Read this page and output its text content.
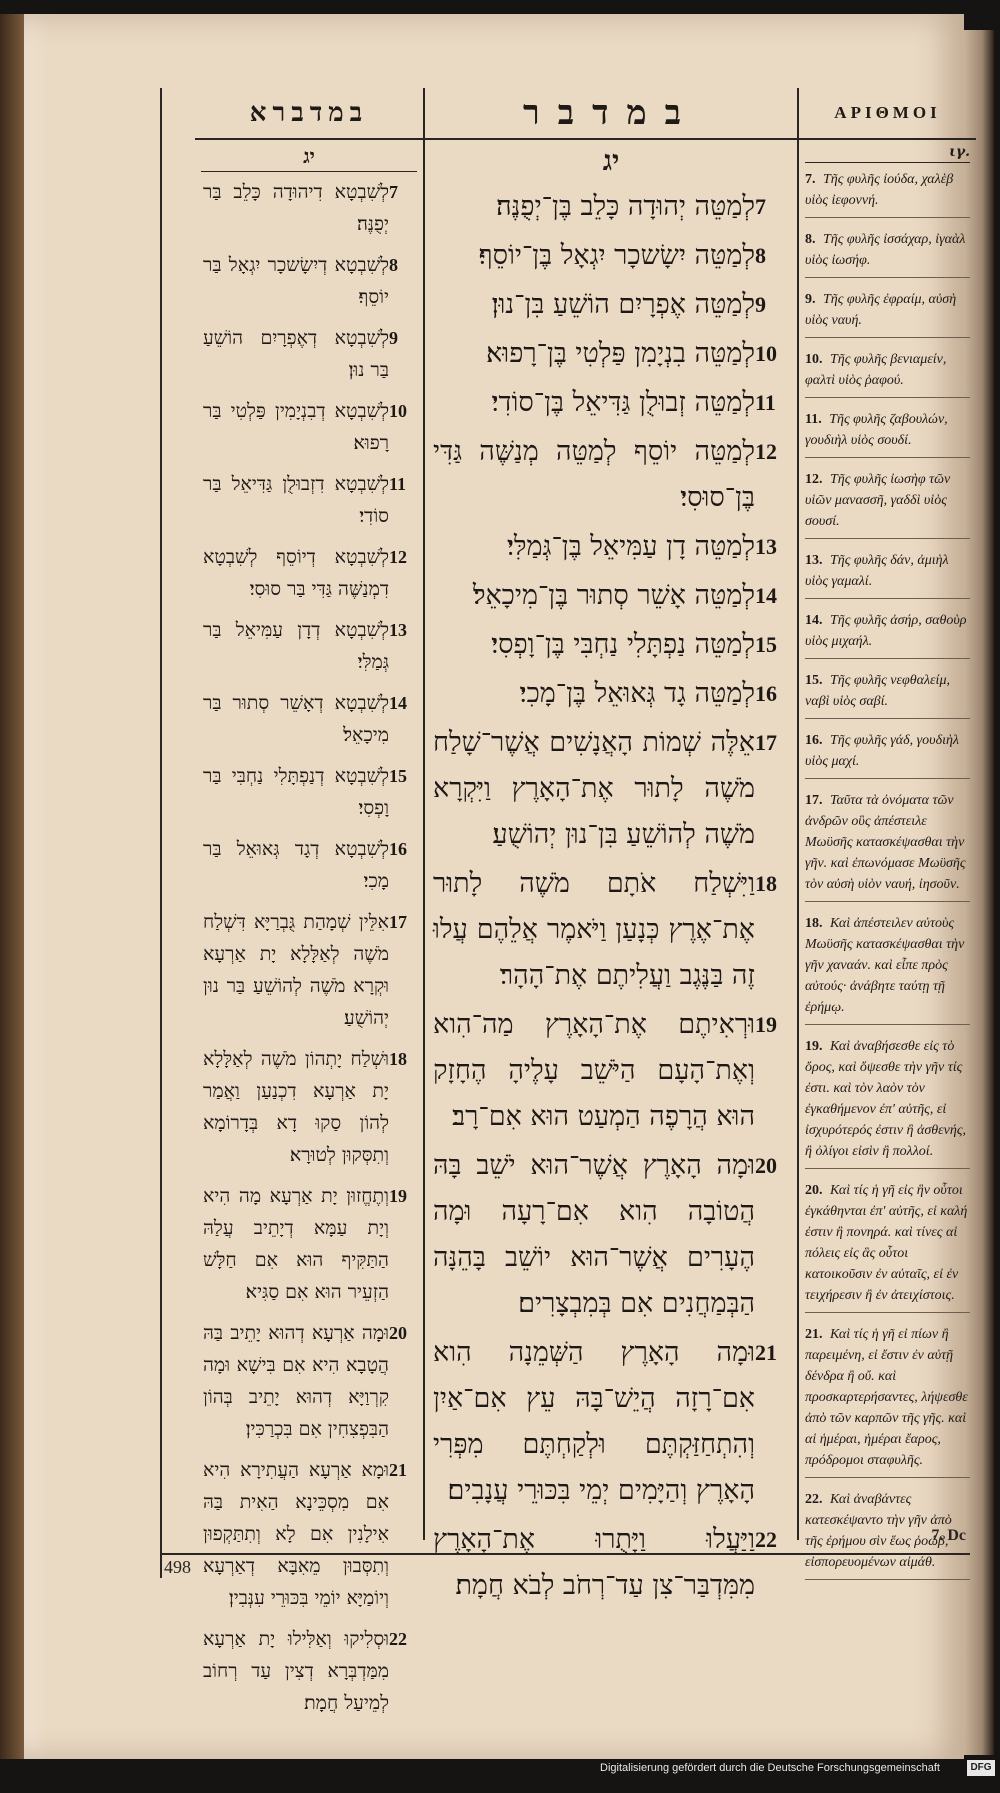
במדברא
יג
7
לְשִׁבְטָא דִיהוּדָה כָּלֵב בַּר יְפֻנֶּה׃
8
לְשִׁבְטָא דְיִשָׂשכָר יִגְאָל בַּר יוֹסֵף׃
9
לְשִׁבְטָא דְאֶפְרָיִם הוֹשֵׁעַ בַּר נוּן׃
10
לְשִׁבְטָא דְבִנְיָמִין פַּלְטִי בַּר רָפוּא׃
11
לְשִׁבְטָא דִזְבוּלֻן גַּדִּיאֵל בַּר סוֹדִי׃
12
לְשִׁבְטָא דְיוֹסֵף לְשִׁבְטָא דִמְנַשֶּׁה גַּדִּי בַּר סוּסִי׃
13
לְשִׁבְטָא דְדָן עַמִּיאֵל בַּר גְּמַלִּי׃
14
לְשִׁבְטָא דְאָשֵׁר סְתוּר בַּר מִיכָאֵל׃
15
לְשִׁבְטָא דְנַפְתָּלִי נַחְבִּי בַּר וָפְסִי׃
16
לְשִׁבְטָא דְגָד גְּאוּאֵל בַּר מָכִי׃
17
אִלֵּין שְׁמָהַת גֻּבְרַיָּא דִּשְׁלַח מֹשֶׁה לְאַלָּלָא יָת אַרְעָא וּקְרָא מֹשֶׁה לְהוֹשֵׁעַ בַּר נוּן יְהוֹשֻׁעַ׃
18
וּשְׁלַח יָתְהוֹן מֹשֶׁה לְאַלָּלָא יָת אַרְעָא דִכְנַעַן וַאֲמַר לְהוֹן סַקוּ דָא בְּדָרוֹמָא וְתִסְּקוּן לְטוּרָא׃
19
וְתֶחֱזוּן יָת אַרְעָא מָה הִיא וְיָת עַמָּא דְיָתֵיב עֲלַהּ הַתַּקִּיף הוּא אִם חַלָּשׁ הַזְעֵיר הוּא אִם סַגִּיא׃
20
וּמָה אַרְעָא דְהוּא יָתֵיב בַּהּ הֲטָבָא הִיא אִם בִּישָׁא וּמָה קִרְוַיָּא דְהוּא יָתֵיב בְּהוֹן הַבִּפְצִחִין אִם בִּכְרַכִּין׃
21
וּמָא אַרְעָא הַעֲתִירָא הִיא אִם מִסְכֵּינָא הַאִית בַּהּ אִילָנִין אִם לָא וְתִתַּקְפוּן וְתִסְּבוּן מֵאִבָּא דְאַרְעָא וְיוֹמַיָּא יוֹמֵי בִּכּוּרֵי עִנְּבִין׃
22
וּסְלִיקוּ וְאַלִּילוּ יָת אַרְעָא מִמַּדְבְּרָא דְצִין עַד רְחוֹב לְמֵיעַל חֲמָת׃
במדבר
יג
7
לְמַטֵּה יְהוּדָה כָּלֵב בֶּן־יְפֻנֶּה׃
8
לְמַטֵּה יִשָׂשכָר יִגְאָל בֶּן־יוֹסֵף׃
9
לְמַטֵּה אֶפְרָיִם הוֹשֵׁעַ בִּן־נוּן׃
10
לְמַטֵּה בִנְיָמִן פַּלְטִי בֶּן־רָפוּא׃
11
לְמַטֵּה זְבוּלֻן גַּדִּיאֵל בֶּן־סוֹדִי׃
12
לְמַטֵּה יוֹסֵף לְמַטֵּה מְנַשֶּׁה גַּדִּי בֶּן־סוּסִי׃
13
לְמַטֵּה דָן עַמִּיאֵל בֶּן־גְּמַלִּי׃
14
לְמַטֵּה אָשֵׁר סְתוּר בֶּן־מִיכָאֵל׃
15
לְמַטֵּה נַפְתָּלִי נַחְבִּי בֶּן־וָפְסִי׃
16
לְמַטֵּה גָד גְּאוּאֵל בֶּן־מָכִי׃
17
אֵלֶּה שְׁמוֹת הָאֲנָשִׁים אֲשֶׁר־שָׁלַח מֹשֶׁה לָתוּר אֶת־הָאָרֶץ וַיִּקְרָא מֹשֶׁה לְהוֹשֵׁעַ בִּן־נוּן יְהוֹשֻׁעַ׃
18
וַיִּשְׁלַח אֹתָם מֹשֶׁה לָתוּר אֶת־אֶרֶץ כְּנָעַן וַיֹּאמֶר אֲלֵהֶם עֲלוּ זֶה בַּנֶּגֶב וַעֲלִיתֶם אֶת־הָהָר׃
19
וּרְאִיתֶם אֶת־הָאָרֶץ מַה־הִוא וְאֶת־הָעָם הַיֹּשֵׁב עָלֶיהָ הֶחָזָק הוּא הֲרָפֶה הַמְעַט הוּא אִם־רָב׃
20
וּמָה הָאָרֶץ אֲשֶׁר־הוּא יֹשֵׁב בָּהּ הֲטוֹבָה הִוא אִם־רָעָה וּמָה הֶעָרִים אֲשֶׁר־הוּא יוֹשֵׁב בָּהֵנָּה הַבְּמַחֲנִים אִם בְּמִבְצָרִים׃
21
וּמָה הָאָרֶץ הַשְּׁמֵנָה הִוא אִם־רָזָה הֲיֵשׁ־בָּהּ עֵץ אִם־אַיִן וְהִתְחַזַּקְתֶּם וּלְקַחְתֶּם מִפְּרִי הָאָרֶץ וְהַיָּמִים יְמֵי בִּכּוּרֵי עֲנָבִים׃
22
וַיַּעֲלוּ וַיָּתֻרוּ אֶת־הָאָרֶץ מִמִּדְבַּר־צִן עַד־רְחֹב לְבֹא חֲמָת׃
ΑΡΙΘΜΟΙ
ιγ.
7. Τῆς φυλῆς ἰούδα, χαλὲβ υἱὸς ἰεφοννή.
8. Τῆς φυλῆς ἰσσάχαρ, ἰγαὰλ υἱὸς ἰωσήφ.
9. Τῆς φυλῆς ἐφραίμ, αὐσὴ υἱὸς ναυή.
10. Τῆς φυλῆς βενιαμείν, φαλτὶ υἱὸς ῥαφού.
11. Τῆς φυλῆς ζαβουλών, γουδιὴλ υἱὸς σουδί.
12. Τῆς φυλῆς ἰωσὴφ τῶν υἱῶν μανασσῆ, γαδδὶ υἱὸς σουσί.
13. Τῆς φυλῆς δάν, ἀμιὴλ υἱὸς γαμαλί.
14. Τῆς φυλῆς ἀσήρ, σαθοὺρ υἱὸς μιχαήλ.
15. Τῆς φυλῆς νεφθαλείμ, ναβὶ υἱὸς σαβί.
16. Τῆς φυλῆς γάδ, γουδιὴλ υἱὸς μαχί.
17. Ταῦτα τὰ ὀνόματα τῶν ἀνδρῶν οὓς ἀπέστειλε Μωϋσῆς κατασκέψασθαι τὴν γῆν. καὶ ἐπωνόμασε Μωϋσῆς τὸν αὐσὴ υἱὸν ναυή, ἰησοῦν.
18. Καὶ ἀπέστειλεν αὐτοὺς Μωϋσῆς κατασκέψασθαι τὴν γῆν χαναάν. καὶ εἶπε πρὸς αὐτούς· ἀνάβητε ταύτῃ τῇ ἐρήμῳ.
19. Καὶ ἀναβήσεσθε εἰς τὸ ὄρος, καὶ ὄψεσθε τὴν γῆν τίς ἐστι. καὶ τὸν λαὸν τὸν ἐγκαθήμενον ἐπ' αὐτῆς, εἰ ἰσχυρότερός ἐστιν ἢ ἀσθενής, ἢ ὀλίγοι εἰσὶν ἢ πολλοί.
20. Καὶ τίς ἡ γῆ εἰς ἣν οὗτοι ἐγκάθηνται ἐπ' αὐτῆς, εἰ καλή ἐστιν ἢ πονηρά. καὶ τίνες αἱ πόλεις εἰς ἃς οὗτοι κατοικοῦσιν ἐν αὐταῖς, εἰ ἐν τειχήρεσιν ἢ ἐν ἀτειχίστοις.
21. Καὶ τίς ἡ γῆ εἰ πίων ἢ παρειμένη, εἰ ἔστιν ἐν αὐτῇ δένδρα ἢ οὔ. καὶ προσκαρτερήσαντες, λήψεσθε ἀπὸ τῶν καρπῶν τῆς γῆς. καὶ αἱ ἡμέραι, ἡμέραι ἔαρος, πρόδρομοι σταφυλῆς.
22. Καὶ ἀναβάντες κατεσκέψαντο τὴν γῆν ἀπὸ τῆς ἐρήμου σὶν ἕως ῥοώβ, εἰσπορευομένων αἰμάθ.
498
7. Dc
Digitalisierung gefördert durch die Deutsche Forschungsgemeinschaft	DFG
